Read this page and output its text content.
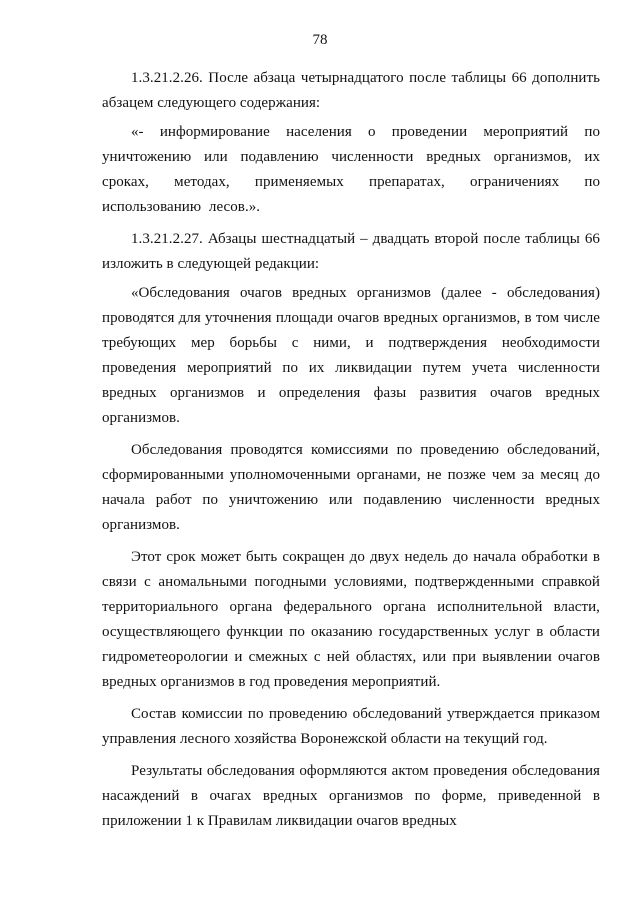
78

1.3.21.2.26. После абзаца четырнадцатого после таблицы 66 дополнить абзацем следующего содержания:

«- информирование населения о проведении мероприятий по уничтожению или подавлению численности вредных организмов, их сроках, методах, применяемых препаратах, ограничениях по использованию лесов.».

1.3.21.2.27. Абзацы шестнадцатый – двадцать второй после таблицы 66 изложить в следующей редакции:

«Обследования очагов вредных организмов (далее - обследования) проводятся для уточнения площади очагов вредных организмов, в том числе требующих мер борьбы с ними, и подтверждения необходимости проведения мероприятий по их ликвидации путем учета численности вредных организмов и определения фазы развития очагов вредных организмов.

Обследования проводятся комиссиями по проведению обследований, сформированными уполномоченными органами, не позже чем за месяц до начала работ по уничтожению или подавлению численности вредных организмов.

Этот срок может быть сокращен до двух недель до начала обработки в связи с аномальными погодными условиями, подтвержденными справкой территориального органа федерального органа исполнительной власти, осуществляющего функции по оказанию государственных услуг в области гидрометеорологии и смежных с ней областях, или при выявлении очагов вредных организмов в год проведения мероприятий.

Состав комиссии по проведению обследований утверждается приказом управления лесного хозяйства Воронежской области на текущий год.

Результаты обследования оформляются актом проведения обследования насаждений в очагах вредных организмов по форме, приведенной в приложении 1 к Правилам ликвидации очагов вредных
